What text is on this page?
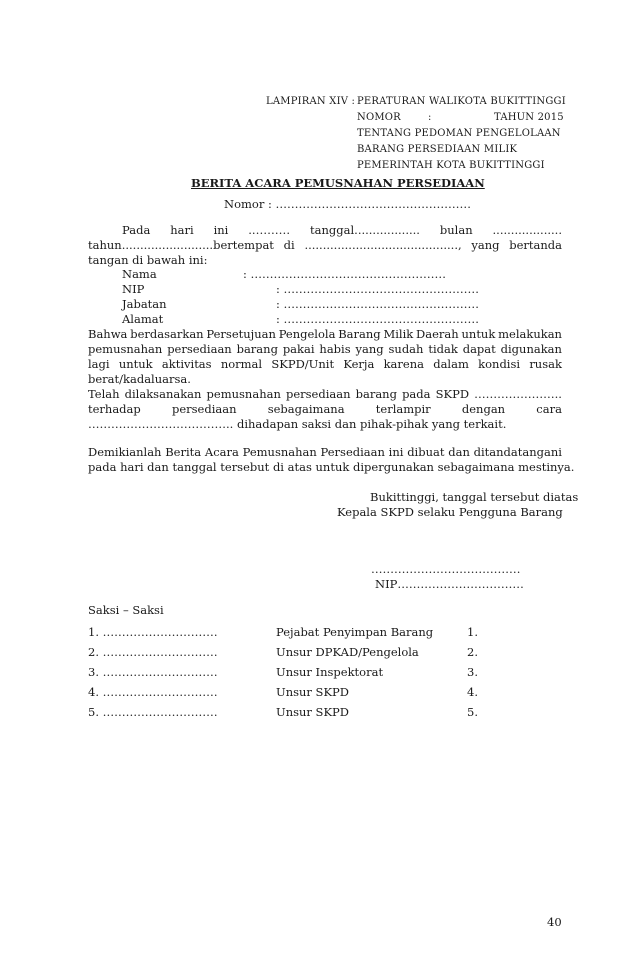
LAMPIRAN XIV : PERATURAN WALIKOTA BUKITTINGGI
NOMOR	:	TAHUN 2015
TENTANG PEDOMAN PENGELOLAAN
BARANG PERSEDIAAN MILIK
PEMERINTAH KOTA BUKITTINGGI
BERITA ACARA PEMUSNAHAN PERSEDIAAN
Nomor : ……………………………………………
Pada hari ini ..……… tanggal.................. bulan ...................
tahun.........................bertempat di .........................................., yang bertanda
tangan di bawah ini:
Nama	: ……………………………………………
NIP	: ……………………………………………
Jabatan	: ……………………………………………
Alamat	: ……………………………………………
Bahwa berdasarkan Persetujuan Pengelola Barang Milik Daerah untuk melakukan
pemusnahan persediaan barang pakai habis yang sudah tidak dapat digunakan
lagi untuk aktivitas normal SKPD/Unit Kerja karena dalam kondisi rusak
berat/kadaluarsa.
Telah dilaksanakan pemusnahan persediaan barang pada SKPD …………………..
terhadap	persediaan	sebagaimana	terlampir	dengan	cara
……………………………….. dihadapan saksi dan pihak-pihak yang terkait.
Demikianlah Berita Acara Pemusnahan Persediaan ini dibuat dan ditandatangani
pada hari dan tanggal tersebut di atas untuk dipergunakan sebagaimana mestinya.
Bukittinggi, tanggal tersebut diatas
Kepala SKPD selaku Pengguna Barang
…………………………………
NIP……………………………
Saksi – Saksi
1. …………………………	Pejabat Penyimpan Barang	1.
2. …………………………	Unsur DPKAD/Pengelola	2.
3. …………………………	Unsur Inspektorat	3.
4. …………………………	Unsur SKPD	4.
5. …………………………	Unsur SKPD	5.
40
